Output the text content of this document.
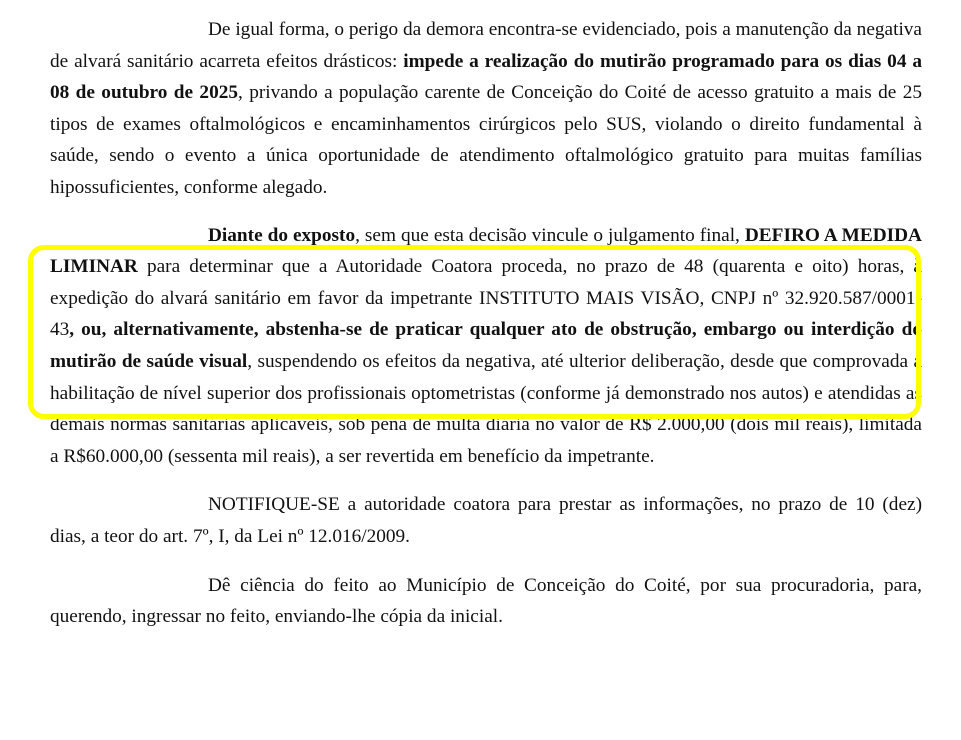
De igual forma, o perigo da demora encontra-se evidenciado, pois a manutenção da negativa de alvará sanitário acarreta efeitos drásticos: impede a realização do mutirão programado para os dias 04 a 08 de outubro de 2025, privando a população carente de Conceição do Coité de acesso gratuito a mais de 25 tipos de exames oftalmológicos e encaminhamentos cirúrgicos pelo SUS, violando o direito fundamental à saúde, sendo o evento a única oportunidade de atendimento oftalmológico gratuito para muitas famílias hipossuficientes, conforme alegado.

Diante do exposto, sem que esta decisão vincule o julgamento final, DEFIRO A MEDIDA LIMINAR para determinar que a Autoridade Coatora proceda, no prazo de 48 (quarenta e oito) horas, à expedição do alvará sanitário em favor da impetrante INSTITUTO MAIS VISÃO, CNPJ nº 32.920.587/0001-43, ou, alternativamente, abstenha-se de praticar qualquer ato de obstrução, embargo ou interdição do mutirão de saúde visual, suspendendo os efeitos da negativa, até ulterior deliberação, desde que comprovada a habilitação de nível superior dos profissionais optometristas (conforme já demonstrado nos autos) e atendidas as demais normas sanitárias aplicáveis, sob pena de multa diária no valor de R$ 2.000,00 (dois mil reais), limitada a R$60.000,00 (sessenta mil reais), a ser revertida em benefício da impetrante.

NOTIFIQUE-SE a autoridade coatora para prestar as informações, no prazo de 10 (dez) dias, a teor do art. 7º, I, da Lei nº 12.016/2009.

Dê ciência do feito ao Município de Conceição do Coité, por sua procuradoria, para, querendo, ingressar no feito, enviando-lhe cópia da inicial.
